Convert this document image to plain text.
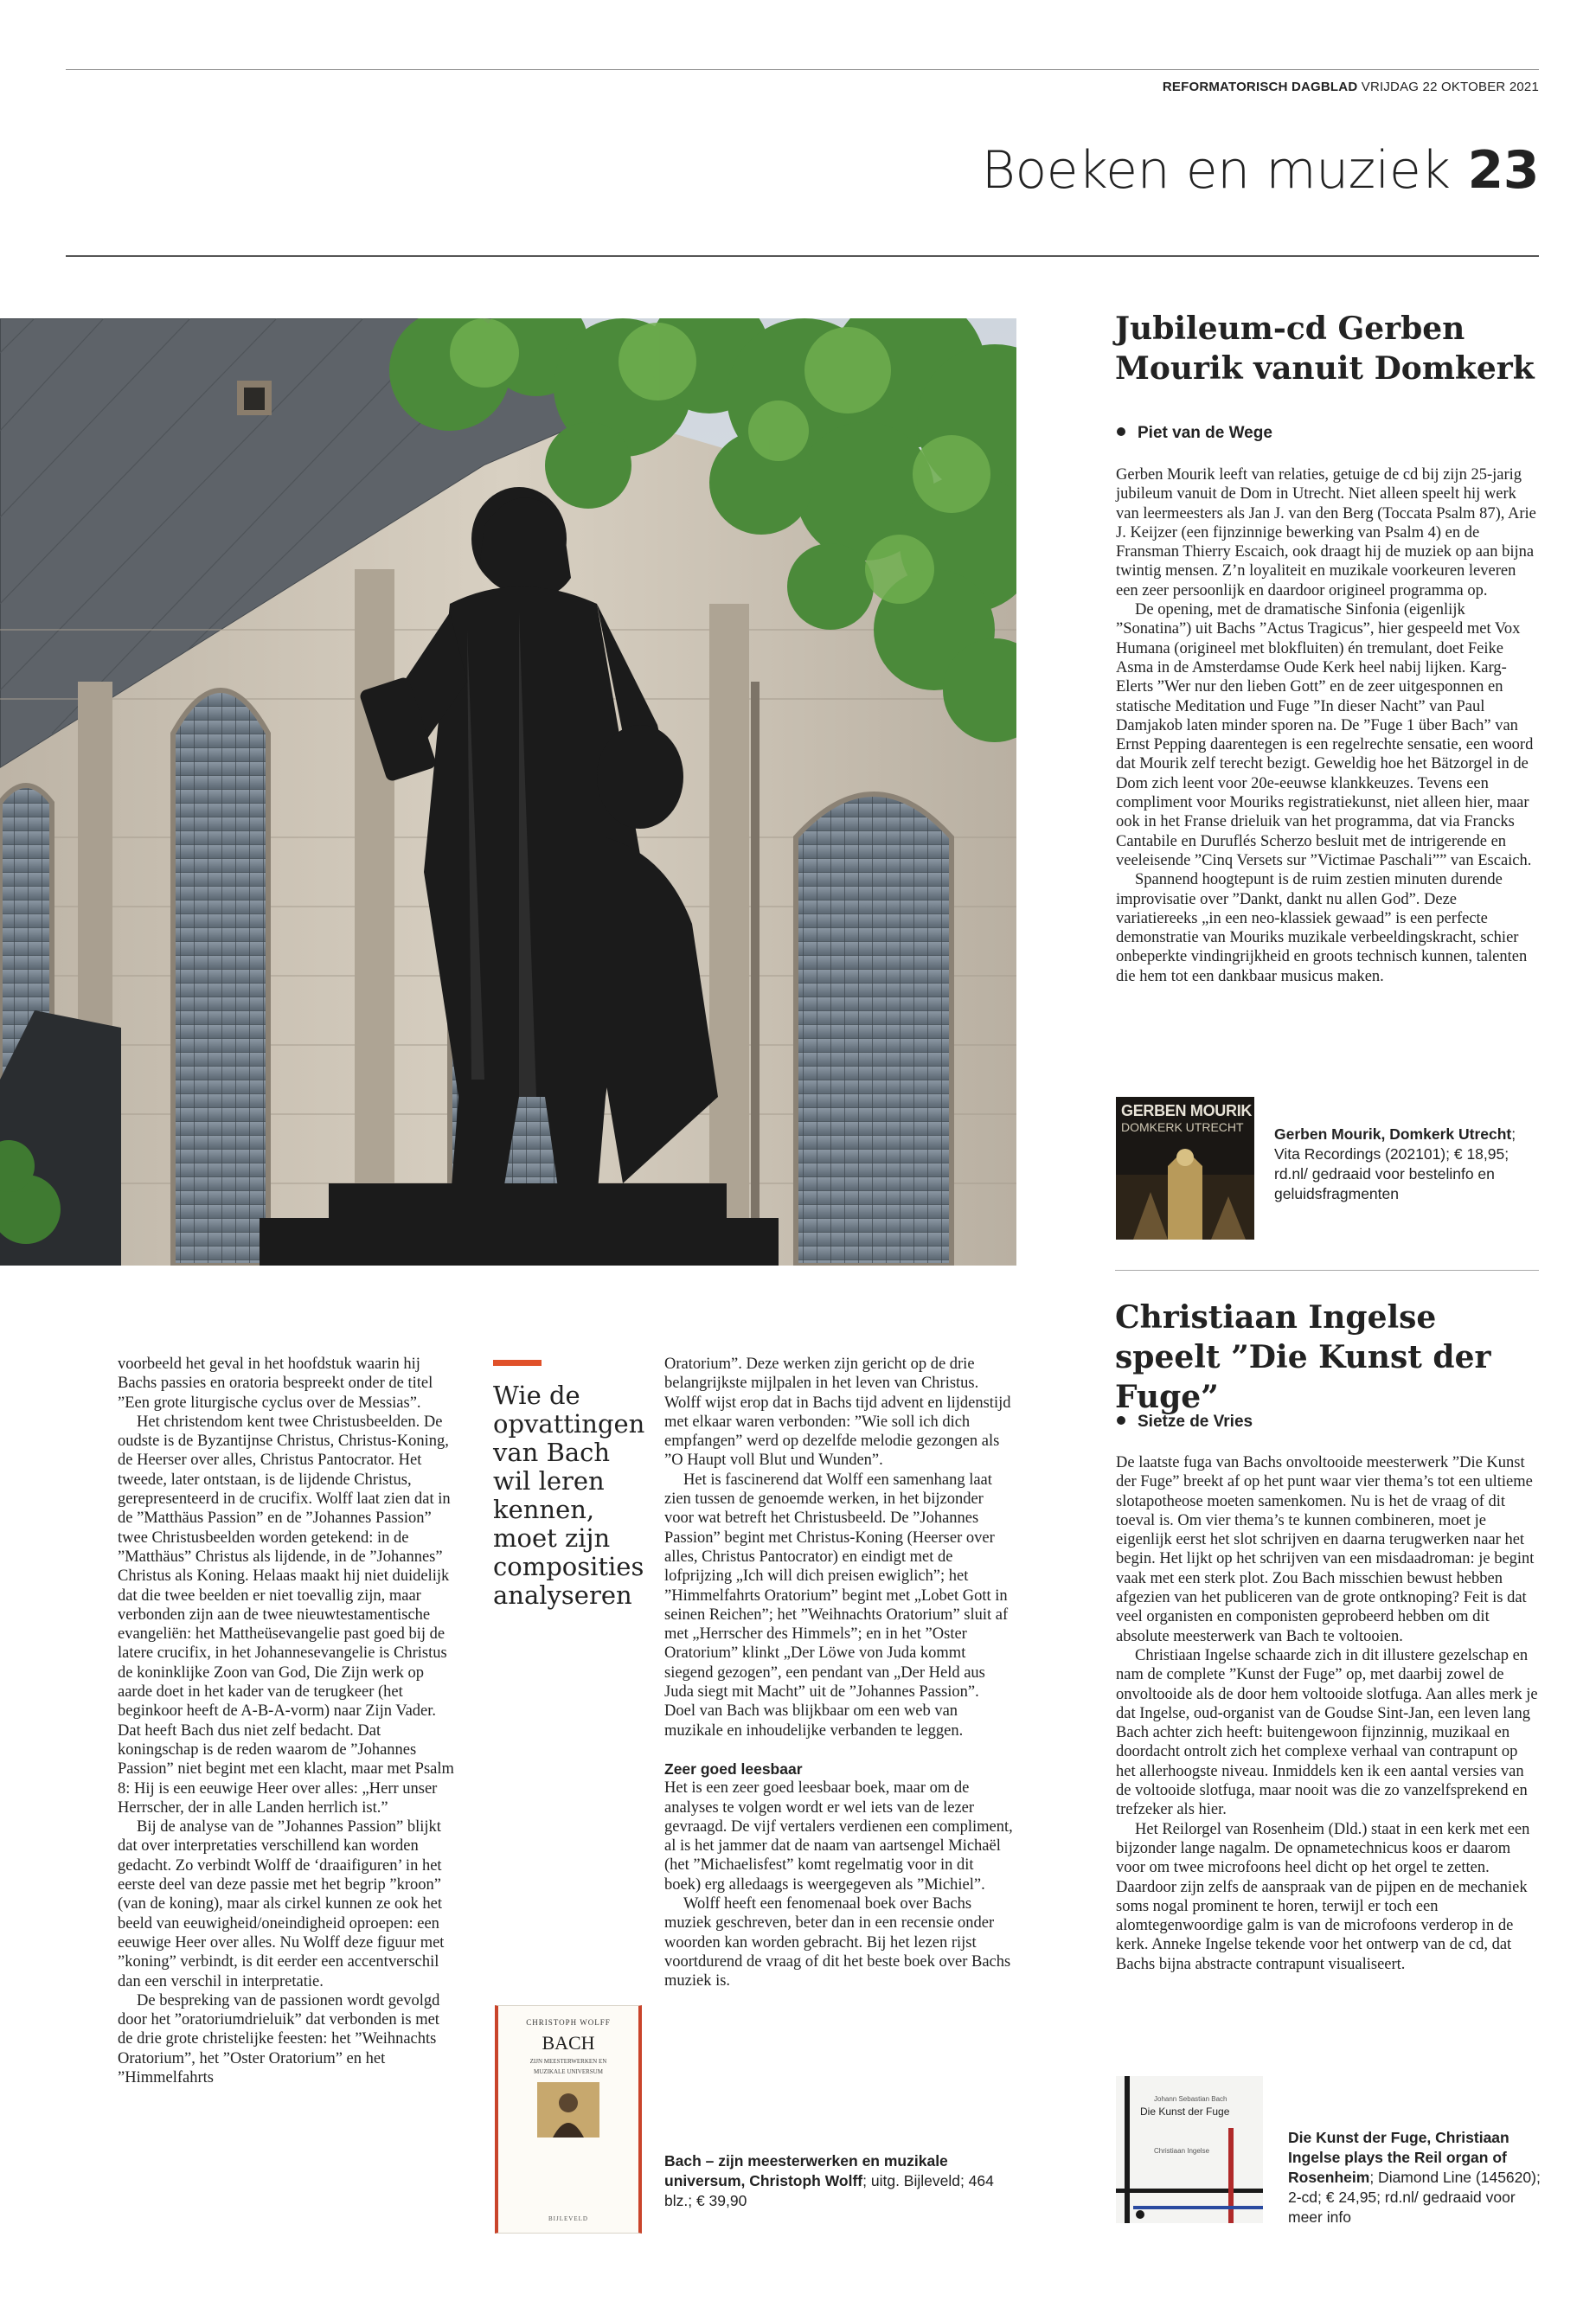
REFORMATORISCH DAGBLAD VRIJDAG 22 OKTOBER 2021
Boeken en muziek 23
Jubileum-cd Gerben Mourik vanuit Domkerk
Piet van de Wege

Gerben Mourik leeft van relaties, getuige de cd bij zijn 25-jarig jubileum vanuit de Dom in Utrecht. Niet alleen speelt hij werk van leermeesters als Jan J. van den Berg (Toccata Psalm 87), Arie J. Keijzer (een fijnzinnige bewerking van Psalm 4) en de Fransman Thierry Escaich, ook draagt hij de muziek op aan bijna twintig mensen. Z’n loyaliteit en muzikale voorkeuren leveren een zeer persoonlijk en daardoor origineel programma op.

De opening, met de dramatische Sinfonia (eigenlijk ”Sonatina”) uit Bachs ”Actus Tragicus”, hier gespeeld met Vox Humana (origineel met blokfluiten) én tremulant, doet Feike Asma in de Amsterdamse Oude Kerk heel nabij lijken. Karg-Elerts ”Wer nur den lieben Gott” en de zeer uitgesponnen en statische Meditation und Fuge ”In dieser Nacht” van Paul Damjakob laten minder sporen na. De ”Fuge 1 über Bach” van Ernst Pepping daarentegen is een regelrechte sensatie, een woord dat Mourik zelf terecht bezigt. Geweldig hoe het Bätzorgel in de Dom zich leent voor 20e-eeuwse klankkeuzes. Tevens een compliment voor Mouriks registratiekunst, niet alleen hier, maar ook in het Franse drieluik van het programma, dat via Francks Cantabile en Duruflés Scherzo besluit met de intrigerende en veeleisende ”Cinq Versets sur ”Victimae Paschali”” van Escaich.

Spannend hoogtepunt is de ruim zestien minuten durende improvisatie over ”Dankt, dankt nu allen God”. Deze variatiereeks „in een neo-klassiek gewaad” is een perfecte demonstratie van Mouriks muzikale verbeeldingskracht, schier onbeperkte vindingrijkheid en groots technisch kunnen, talenten die hem tot een dankbaar musicus maken.

GERBEN MOURIK
DOMKERK UTRECHT Gerben Mourik, Domkerk Utrecht; Vita Recordings (202101); € 18,95; rd.nl/ gedraaid voor bestelinfo en geluidsfragmenten
Christiaan Ingelse speelt ”Die Kunst der Fuge”
Sietze de Vries

De laatste fuga van Bachs onvoltooide meesterwerk ”Die Kunst der Fuge” breekt af op het punt waar vier thema’s tot een ultieme slotapotheose moeten samenkomen. Nu is het de vraag of dit toeval is. Om vier thema’s te kunnen combineren, moet je eigenlijk eerst het slot schrijven en daarna terugwerken naar het begin. Het lijkt op het schrijven van een misdaadroman: je begint vaak met een sterk plot. Zou Bach misschien bewust hebben afgezien van het publiceren van de grote ontknoping? Feit is dat veel organisten en componisten geprobeerd hebben om dit absolute meesterwerk van Bach te voltooien.

Christiaan Ingelse schaarde zich in dit illustere gezelschap en nam de complete ”Kunst der Fuge” op, met daarbij zowel de onvoltooide als de door hem voltooide slotfuga. Aan alles merk je dat Ingelse, oud-organist van de Goudse Sint-Jan, een leven lang Bach achter zich heeft: buitengewoon fijnzinnig, muzikaal en doordacht ontrolt zich het complexe verhaal van contrapunt op het allerhoogste niveau. Inmiddels ken ik een aantal versies van de voltooide slotfuga, maar nooit was die zo vanzelfsprekend en trefzeker als hier.

Het Reilorgel van Rosenheim (Dld.) staat in een kerk met een bijzonder lange nagalm. De opnametechnicus koos er daarom voor om twee microfoons heel dicht op het orgel te zetten. Daardoor zijn zelfs de aanspraak van de pijpen en de mechaniek soms nogal prominent te horen, terwijl er toch een alomtegenwoordige galm is van de microfoons verderop in de kerk. Anneke Ingelse tekende voor het ontwerp van de cd, dat Bachs bijna abstracte contrapunt visualiseert.

Johann Sebastian Bach
Die Kunst der Fuge
Christiaan Ingelse
Die Kunst der Fuge, Christiaan Ingelse plays the Reil organ of Rosenheim; Diamond Line (145620); 2-cd; € 24,95; rd.nl/ gedraaid voor meer info

voorbeeld het geval in het hoofdstuk waarin hij Bachs passies en oratoria bespreekt onder de titel ”Een grote liturgische cyclus over de Messias”.

Het christendom kent twee Christusbeelden. De oudste is de Byzantijnse Christus, Christus-Koning, de Heerser over alles, Christus Pantocrator. Het tweede, later ontstaan, is de lijdende Christus, gerepresenteerd in de crucifix. Wolff laat zien dat in de ”Matthäus Passion” en de ”Johannes Passion” twee Christusbeelden worden getekend: in de ”Matthäus” Christus als lijdende, in de ”Johannes” Christus als Koning. Helaas maakt hij niet duidelijk dat die twee beelden er niet toevallig zijn, maar verbonden zijn aan de twee nieuwtestamentische evangeliën: het Mattheüsevangelie past goed bij de latere crucifix, in het Johannesevangelie is Christus de koninklijke Zoon van God, Die Zijn werk op aarde doet in het kader van de terugkeer (het beginkoor heeft de A-B-A-vorm) naar Zijn Vader. Dat heeft Bach dus niet zelf bedacht. Dat koningschap is de reden waarom de ”Johannes Passion” niet begint met een klacht, maar met Psalm 8: Hij is een eeuwige Heer over alles: „Herr unser Herrscher, der in alle Landen herrlich ist.”

Bij de analyse van de ”Johannes Passion” blijkt dat over interpretaties verschillend kan worden gedacht. Zo verbindt Wolff de ‘draaifiguren’ in het eerste deel van deze passie met het begrip ”kroon” (van de koning), maar als cirkel kunnen ze ook het beeld van eeuwigheid/oneindigheid oproepen: een eeuwige Heer over alles. Nu Wolff deze figuur met ”koning” verbindt, is dit eerder een accentverschil dan een verschil in interpretatie.

De bespreking van de passionen wordt gevolgd door het ”oratoriumdrieluik” dat verbonden is met de drie grote christelijke feesten: het ”Weihnachts Oratorium”, het ”Oster Oratorium” en het ”Himmelfahrts

Wie de opvattingen van Bach wil leren kennen, moet zijn composities analyseren
CHRISTOPH WOLFF
BACH
ZIJN MEESTERWERKEN EN
MUZIKALE UNIVERSUM
BIJLEVELD

Oratorium”. Deze werken zijn gericht op de drie belangrijkste mijlpalen in het leven van Christus. Wolff wijst erop dat in Bachs tijd advent en lijdenstijd met elkaar waren verbonden: ”Wie soll ich dich empfangen” werd op dezelfde melodie gezongen als ”O Haupt voll Blut und Wunden”.

Het is fascinerend dat Wolff een samenhang laat zien tussen de genoemde werken, in het bijzonder voor wat betreft het Christusbeeld. De ”Johannes Passion” begint met Christus-Koning (Heerser over alles, Christus Pantocrator) en eindigt met de lofprijzing „Ich will dich preisen ewiglich”; het ”Himmelfahrts Oratorium” begint met „Lobet Gott in seinen Reichen”; het ”Weihnachts Oratorium” sluit af met „Herrscher des Himmels”; en in het ”Oster Oratorium” klinkt „Der Löwe von Juda kommt siegend gezogen”, een pendant van „Der Held aus Juda siegt mit Macht” uit de ”Johannes Passion”. Doel van Bach was blijkbaar om een web van muzikale en inhoudelijke verbanden te leggen.

Zeer goed leesbaar

Het is een zeer goed leesbaar boek, maar om de analyses te volgen wordt er wel iets van de lezer gevraagd. De vijf vertalers verdienen een compliment, al is het jammer dat de naam van aartsengel Michaël (het ”Michaelisfest” komt regelmatig voor in dit boek) erg alledaags is weergegeven als ”Michiel”.

Wolff heeft een fenomenaal boek over Bachs muziek geschreven, beter dan in een recensie onder woorden kan worden gebracht. Bij het lezen rijst voortdurend de vraag of dit het beste boek over Bachs muziek is.

Bach – zijn meesterwerken en muzikale universum, Christoph Wolff; uitg. Bijleveld; 464 blz.; € 39,90
